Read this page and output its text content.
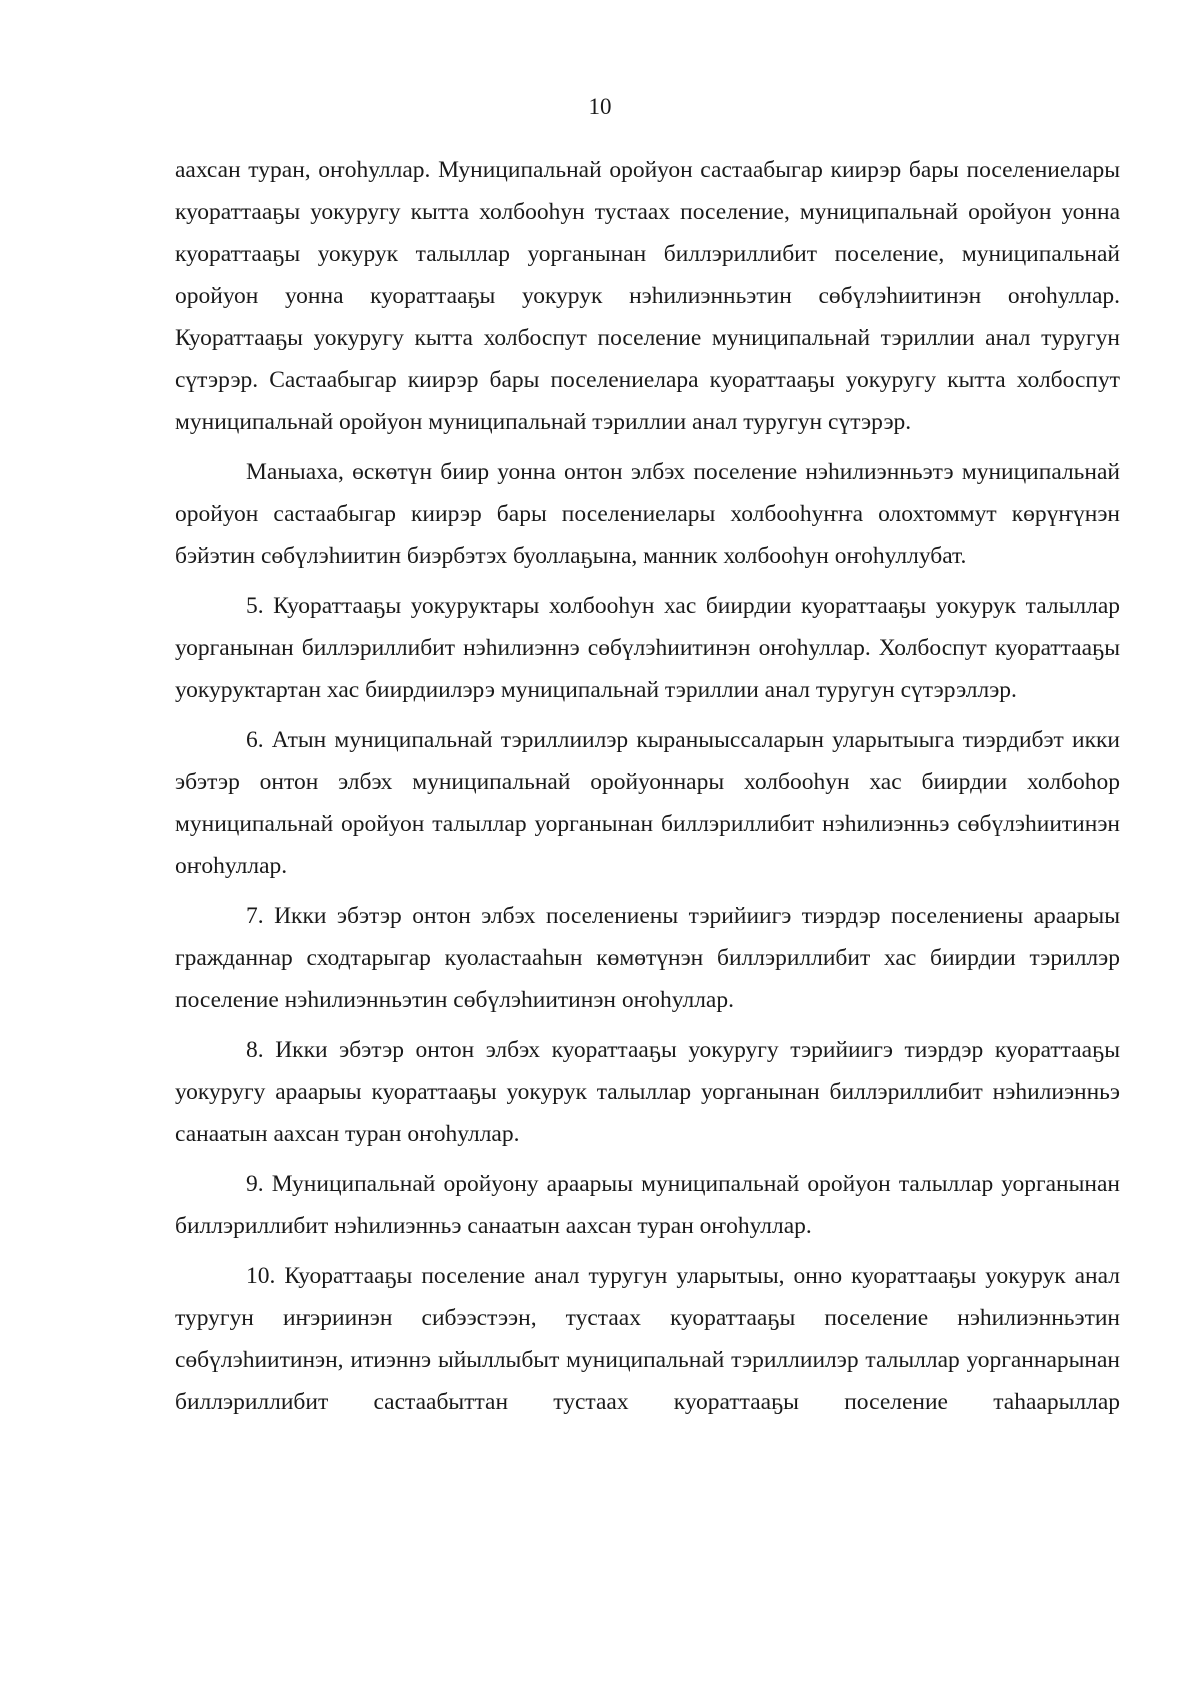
10

аахсан туран, оҥоһуллар. Муниципальнай оройуон састаабыгар киирэр бары поселениелары куораттааҕы уокуругу кытта холбооһун тустаах поселение, муниципальнай оройуон уонна куораттааҕы уокурук талыллар уорганынан биллэриллибит поселение, муниципальнай оройуон уонна куораттааҕы уокурук нэһилиэнньэтин сөбүлэһиитинэн оҥоһуллар. Куораттааҕы уокуругу кытта холбоспут поселение муниципальнай тэриллии анал туругун сүтэрэр. Састаабыгар киирэр бары поселениелара куораттааҕы уокуругу кытта холбоспут муниципальнай оройуон муниципальнай тэриллии анал туругун сүтэрэр.

Маныаха, өскөтүн биир уонна онтон элбэх поселение нэһилиэнньэтэ муниципальнай оройуон састаабыгар киирэр бары поселениелары холбооһуҥҥа олохтоммут көрүҥүнэн бэйэтин сөбүлэһиитин биэрбэтэх буоллаҕына, манник холбооһун оҥоһуллубат.

5. Куораттааҕы уокуруктары холбооһун хас биирдии куораттааҕы уокурук талыллар уорганынан биллэриллибит нэһилиэннэ сөбүлэһиитинэн оҥоһуллар. Холбоспут куораттааҕы уокуруктартан хас биирдиилэрэ муниципальнай тэриллии анал туругун сүтэрэллэр.

6. Атын муниципальнай тэриллиилэр кыраныыссаларын уларытыыга тиэрдибэт икки эбэтэр онтон элбэх муниципальнай оройуоннары холбооһун хас биирдии холбоһор муниципальнай оройуон талыллар уорганынан биллэриллибит нэһилиэнньэ сөбүлэһиитинэн оҥоһуллар.

7. Икки эбэтэр онтон элбэх поселениены тэрийиигэ тиэрдэр поселениены араарыы гражданнар сходтарыгар куоластааһын көмөтүнэн биллэриллибит хас биирдии тэриллэр поселение нэһилиэнньэтин сөбүлэһиитинэн оҥоһуллар.

8. Икки эбэтэр онтон элбэх куораттааҕы уокуругу тэрийиигэ тиэрдэр куораттааҕы уокуругу араарыы куораттааҕы уокурук талыллар уорганынан биллэриллибит нэһилиэнньэ санаатын аахсан туран оҥоһуллар.

9. Муниципальнай оройуону араарыы муниципальнай оройуон талыллар уорганынан биллэриллибит нэһилиэнньэ санаатын аахсан туран оҥоһуллар.

10. Куораттааҕы поселение анал туругун уларытыы, онно куораттааҕы уокурук анал туругун иҥэриинэн сибээстээн, тустаах куораттааҕы поселение нэһилиэнньэтин сөбүлэһиитинэн, итиэннэ ыйыллыбыт муниципальнай тэриллиилэр талыллар уорганнарынан биллэриллибит састаабыттан тустаах куораттааҕы поселение таһаарыллар
